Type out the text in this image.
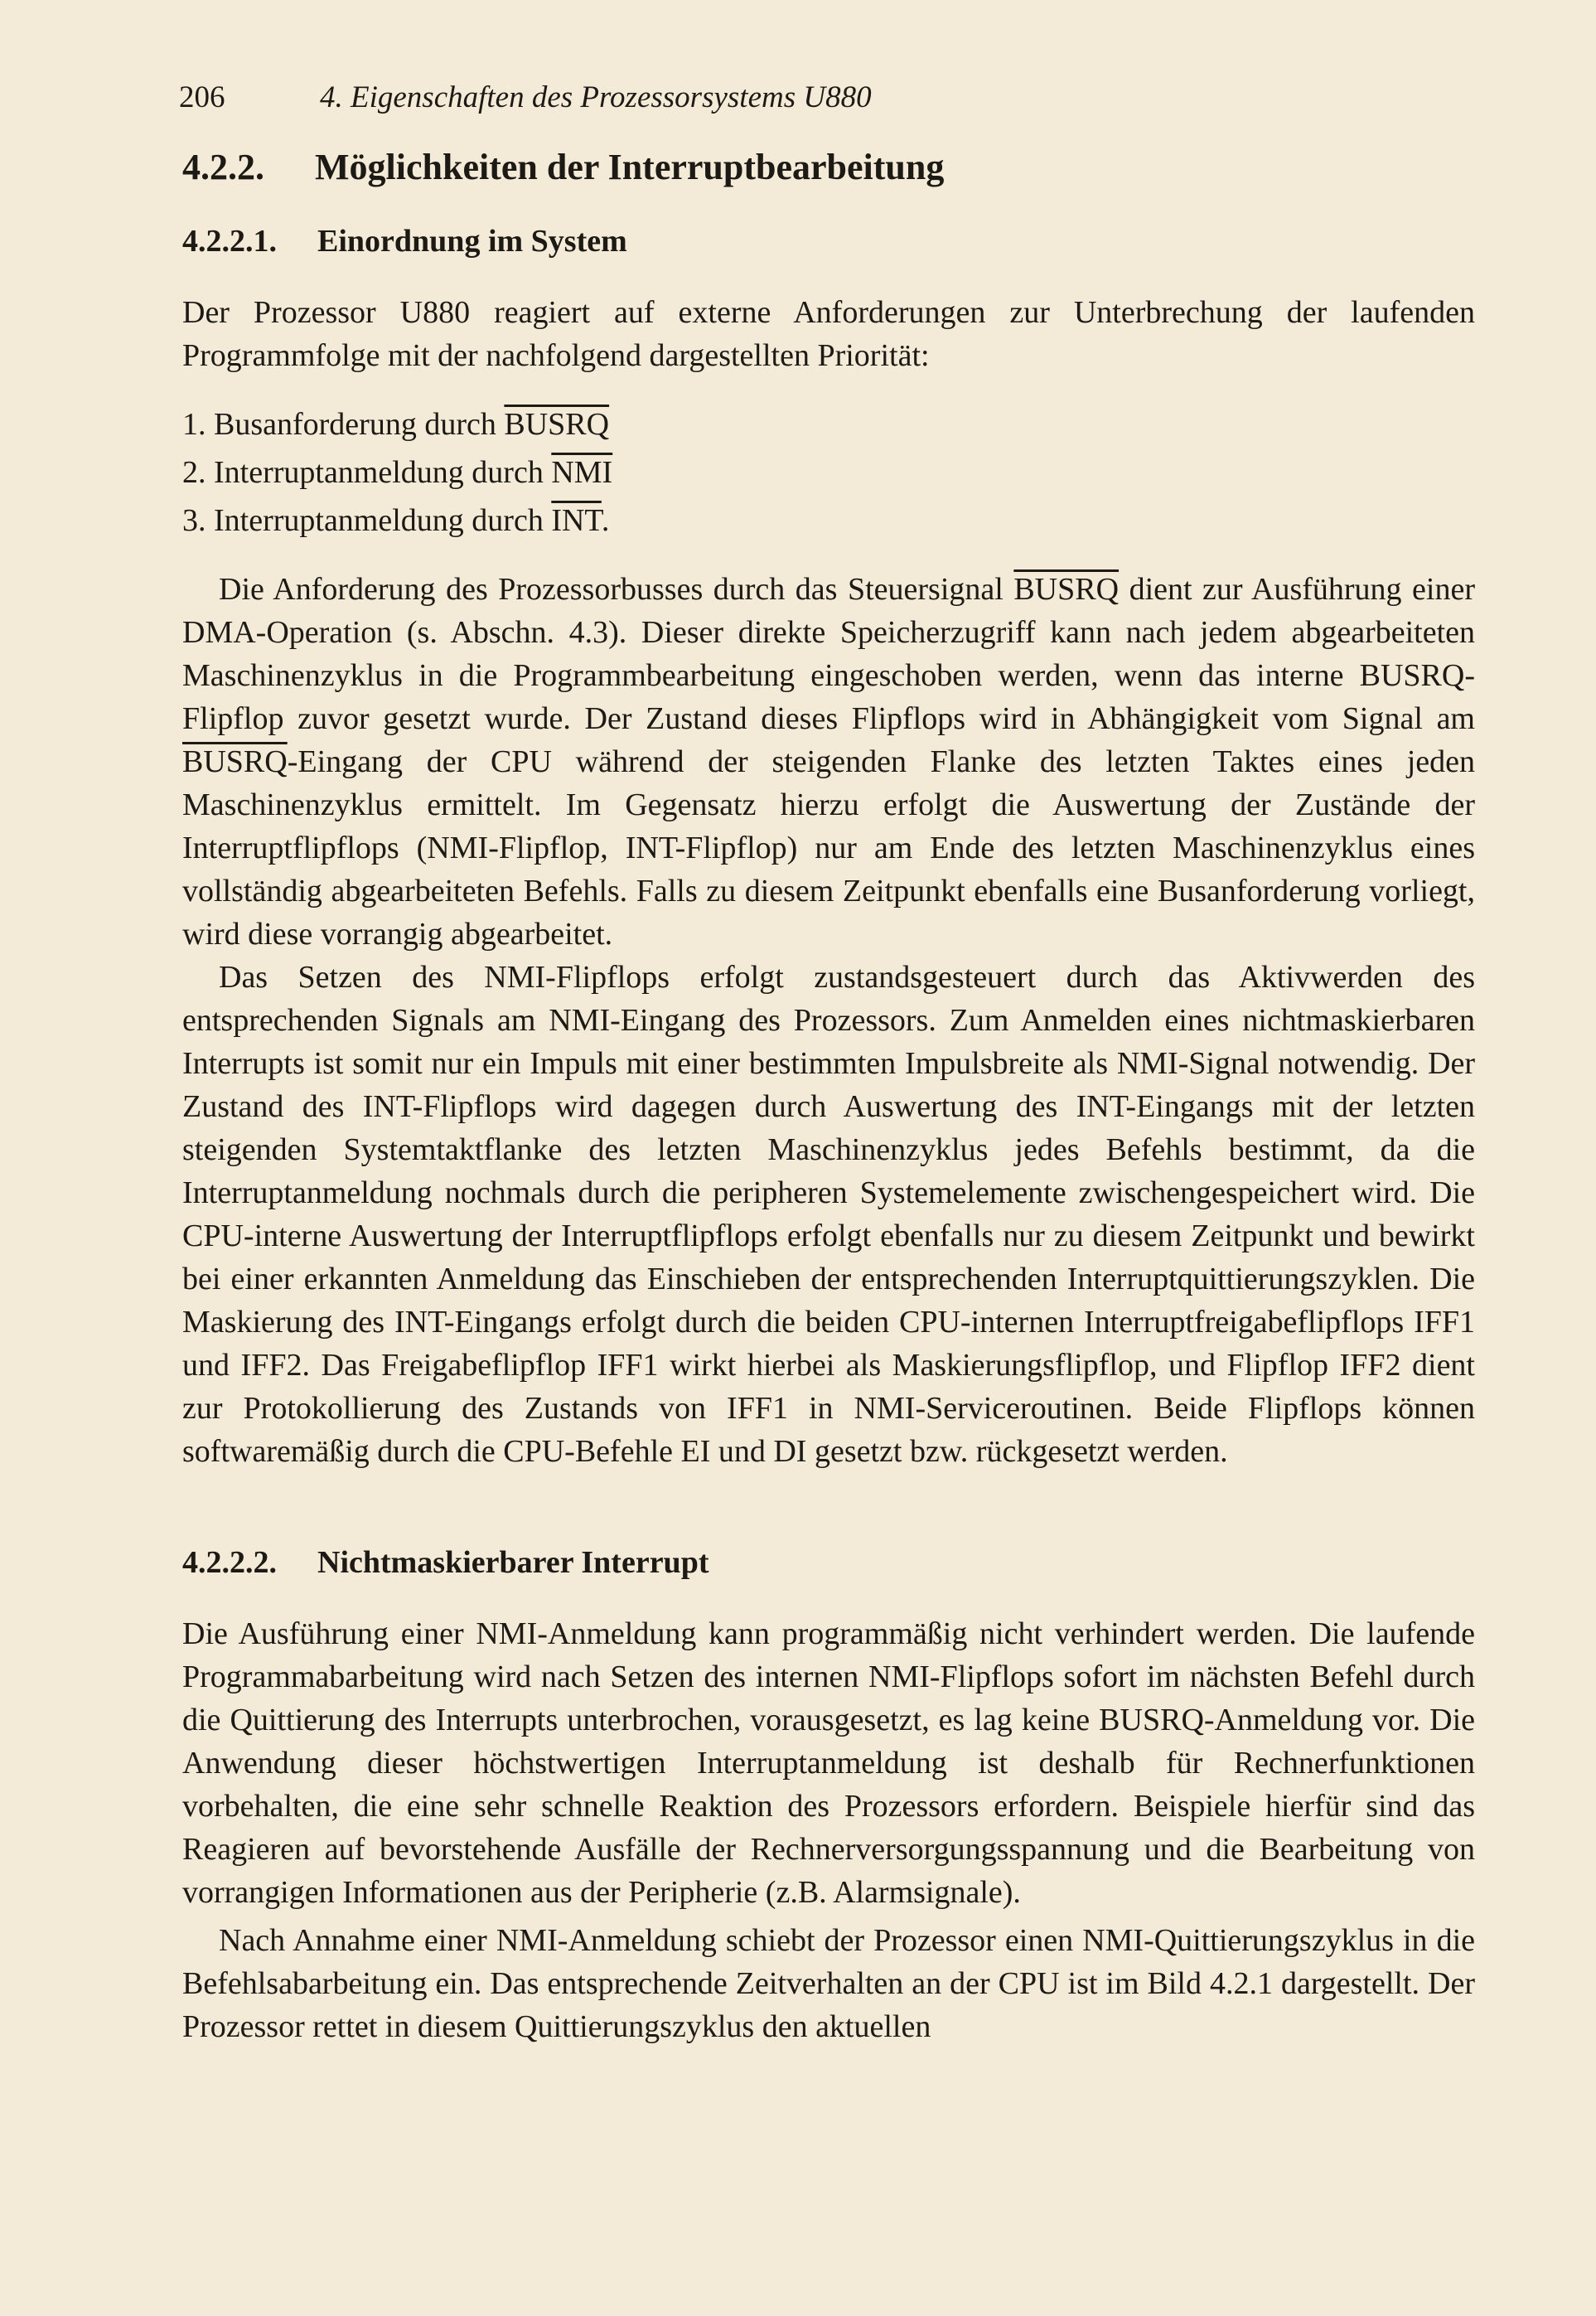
206	4. Eigenschaften des Prozessorsystems U880
4.2.2. Möglichkeiten der Interruptbearbeitung
4.2.2.1. Einordnung im System

Der Prozessor U880 reagiert auf externe Anforderungen zur Unterbrechung der laufenden Programmfolge mit der nachfolgend dargestellten Priorität:

1. Busanforderung durch BUSRQ
2. Interruptanmeldung durch $\overline{NMI}$
3. Interruptanmeldung durch $\overline{INT}$.

Die Anforderung des Prozessorbusses durch das Steuersignal BUSRQ dient zur Ausführung einer DMA-Operation (s. Abschn. 4.3). Dieser direkte Speicherzugriff kann nach jedem abgearbeiteten Maschinenzyklus in die Programmbearbeitung eingeschoben werden, wenn das interne BUSRQ-Flipflop zuvor gesetzt wurde. Der Zustand dieses Flipflops wird in Abhängigkeit vom Signal am BUSRQ-Eingang der CPU während der steigenden Flanke des letzten Taktes eines jeden Maschinenzyklus ermittelt. Im Gegensatz hierzu erfolgt die Auswertung der Zustände der Interruptflipflops (NMI-Flipflop, INT-Flipflop) nur am Ende des letzten Maschinenzyklus eines vollständig abgearbeiteten Befehls. Falls zu diesem Zeitpunkt ebenfalls eine Busanforderung vorliegt, wird diese vorrangig abgearbeitet.

Das Setzen des NMI-Flipflops erfolgt zustandsgesteuert durch das Aktivwerden des entsprechenden Signals am NMI-Eingang des Prozessors. Zum Anmelden eines nichtmaskierbaren Interrupts ist somit nur ein Impuls mit einer bestimmten Impulsbreite als NMI-Signal notwendig. Der Zustand des INT-Flipflops wird dagegen durch Auswertung des INT-Eingangs mit der letzten steigenden Systemtaktflanke des letzten Maschinenzyklus jedes Befehls bestimmt, da die Interruptanmeldung nochmals durch die peripheren Systemelemente zwischengespeichert wird. Die CPU-interne Auswertung der Interruptflipflops erfolgt ebenfalls nur zu diesem Zeitpunkt und bewirkt bei einer erkannten Anmeldung das Einschieben der entsprechenden Interruptquittierungszyklen. Die Maskierung des INT-Eingangs erfolgt durch die beiden CPU-internen Interruptfreigabeflipflops IFF1 und IFF2. Das Freigabeflipflop IFF1 wirkt hierbei als Maskierungsflipflop, und Flipflop IFF2 dient zur Protokollierung des Zustands von IFF1 in NMI-Serviceroutinen. Beide Flipflops können softwaremäßig durch die CPU-Befehle EI und DI gesetzt bzw. rückgesetzt werden.

4.2.2.2. Nichtmaskierbarer Interrupt

Die Ausführung einer NMI-Anmeldung kann programmäßig nicht verhindert werden. Die laufende Programmabarbeitung wird nach Setzen des internen NMI-Flipflops sofort im nächsten Befehl durch die Quittierung des Interrupts unterbrochen, vorausgesetzt, es lag keine BUSRQ-Anmeldung vor. Die Anwendung dieser höchstwertigen Interruptanmeldung ist deshalb für Rechnerfunktionen vorbehalten, die eine sehr schnelle Reaktion des Prozessors erfordern. Beispiele hierfür sind das Reagieren auf bevorstehende Ausfälle der Rechnerversorgungsspannung und die Bearbeitung von vorrangigen Informationen aus der Peripherie (z.B. Alarmsignale).

Nach Annahme einer NMI-Anmeldung schiebt der Prozessor einen NMI-Quittierungszyklus in die Befehlsabarbeitung ein. Das entsprechende Zeitverhalten an der CPU ist im Bild 4.2.1 dargestellt. Der Prozessor rettet in diesem Quittierungszyklus den aktuellen
